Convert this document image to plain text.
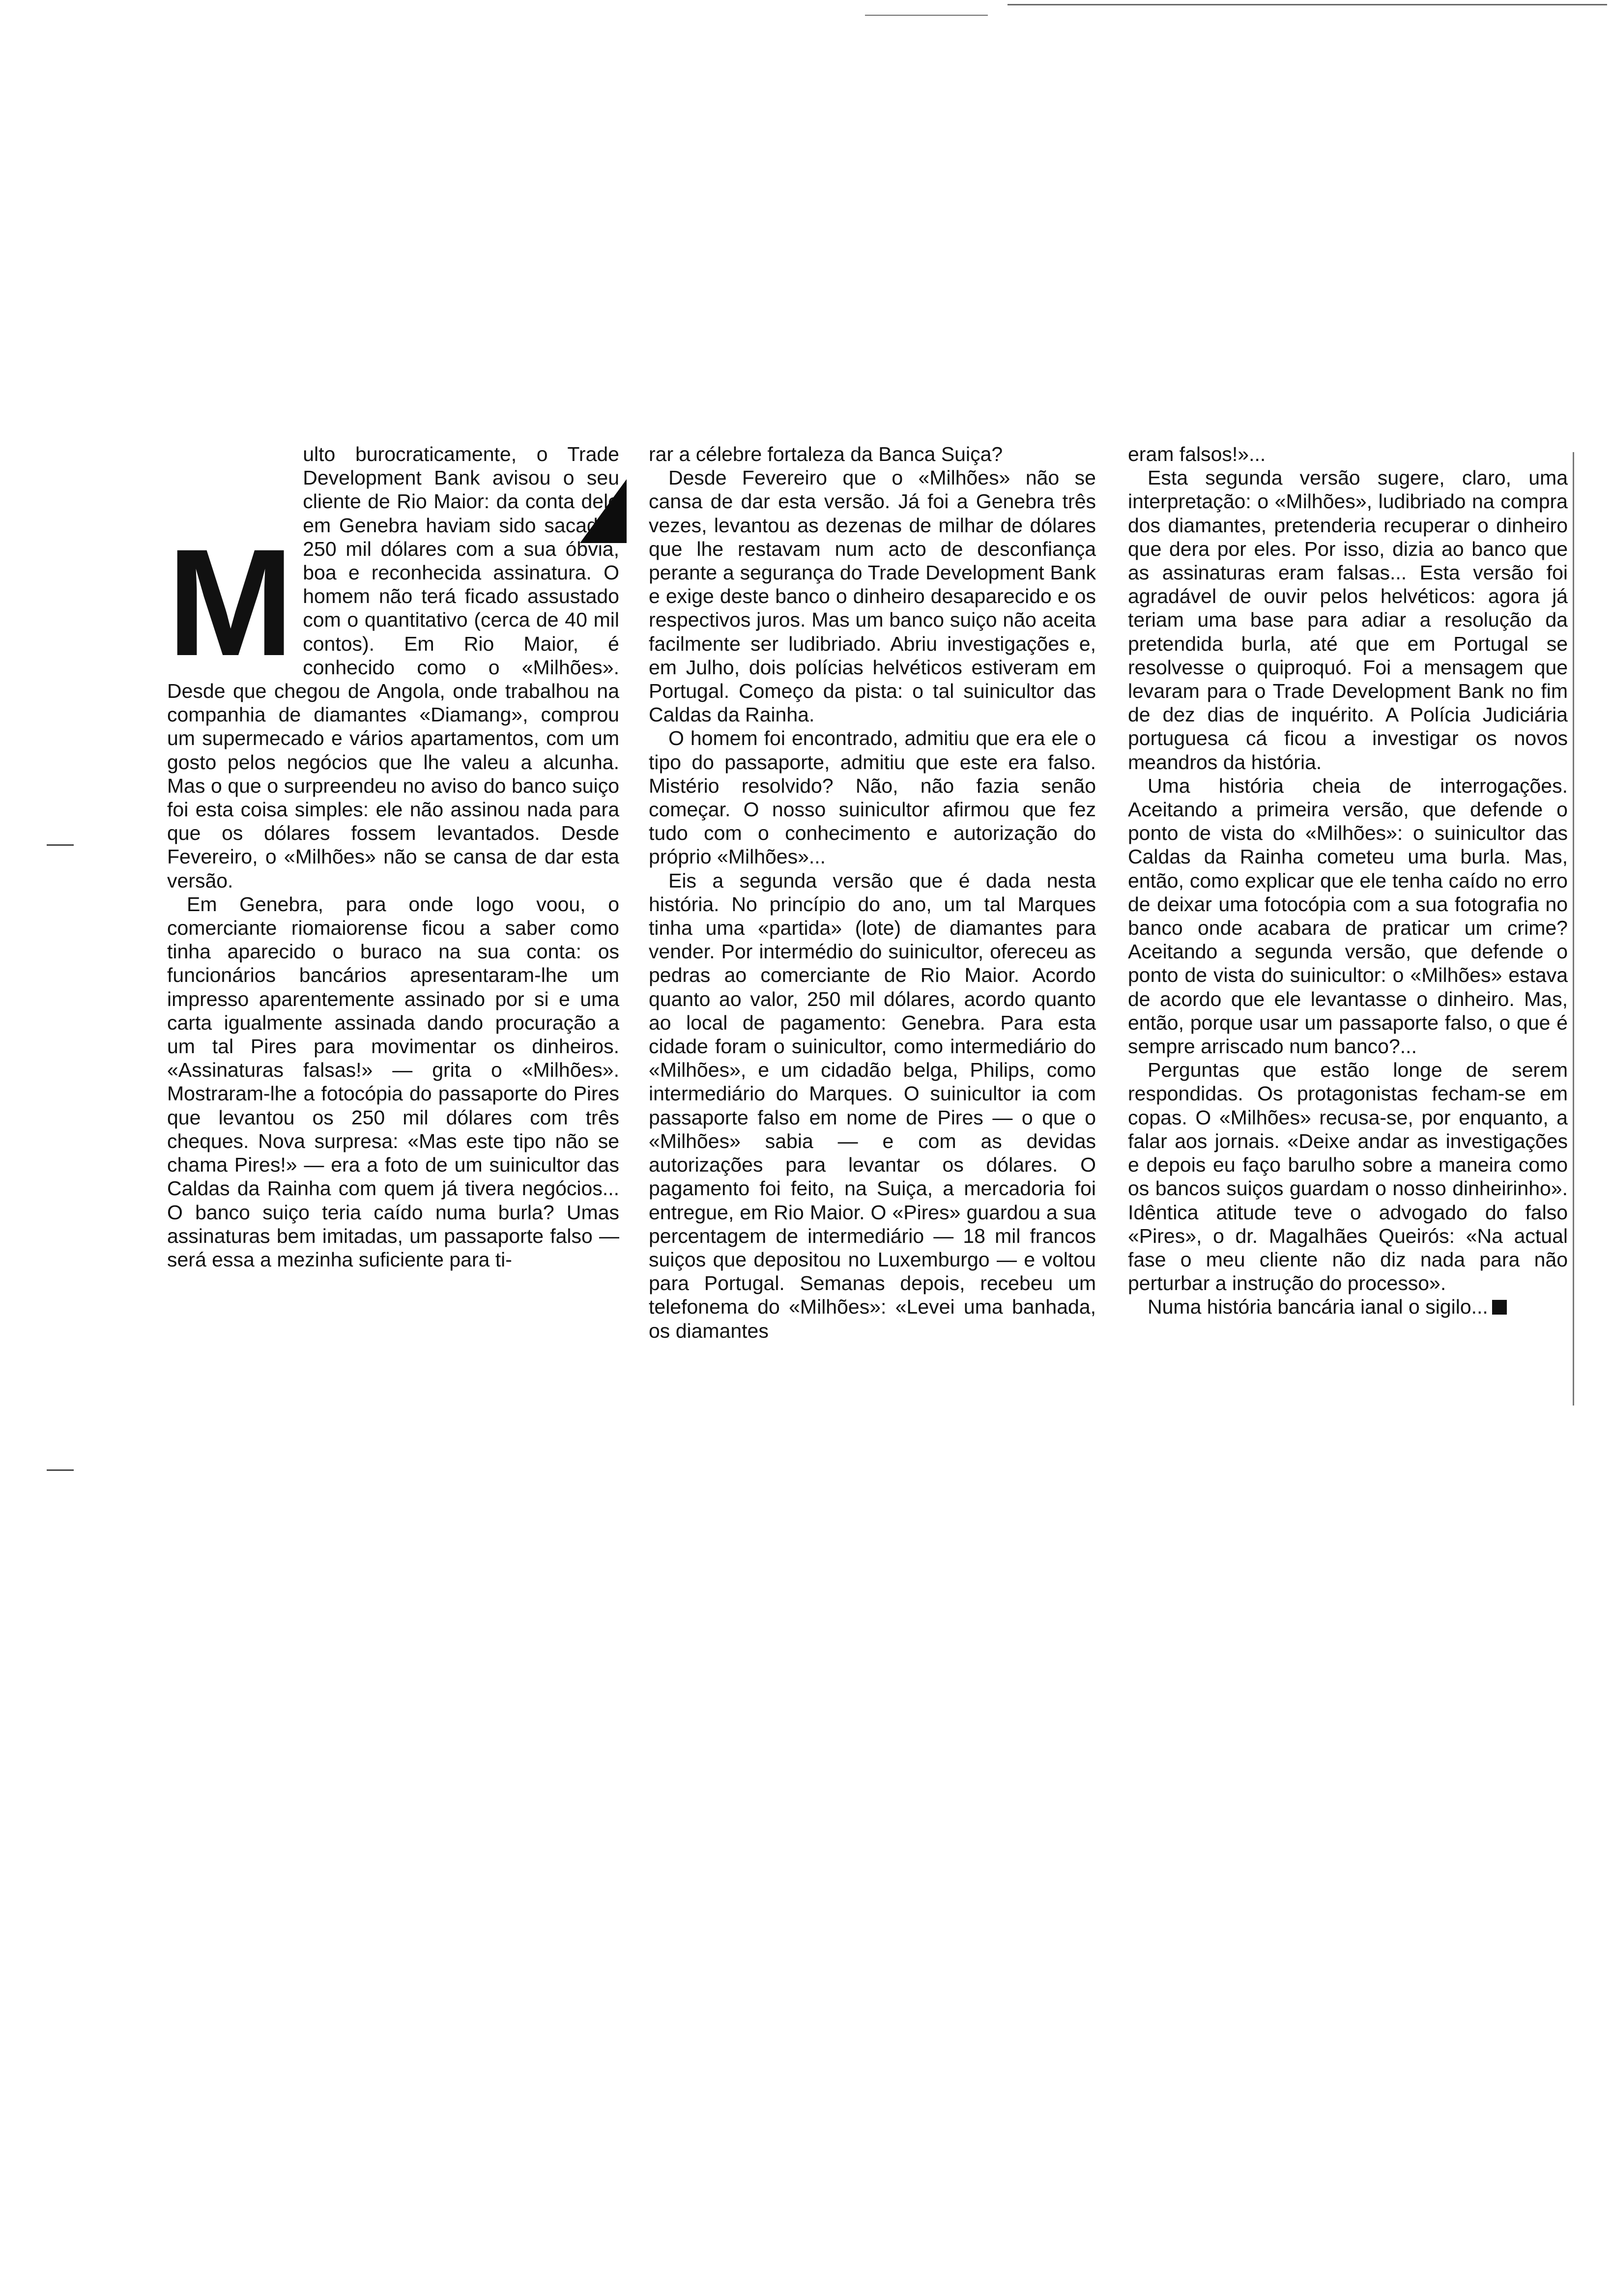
M
ulto burocraticamente, o Trade Development Bank avisou o seu cliente de Rio Maior: da conta dele em Genebra haviam sido sacados 250 mil dólares com a sua óbvia, boa e reconhecida assinatura. O homem não terá ficado assustado com o quantitativo (cerca de 40 mil contos). Em Rio Maior, é conhecido como o «Milhões». Desde que chegou de Angola, onde trabalhou na companhia de diamantes «Diamang», comprou um supermecado e vários apartamentos, com um gosto pelos negócios que lhe valeu a alcunha. Mas o que o surpreendeu no aviso do banco suiço foi esta coisa simples: ele não assinou nada para que os dólares fossem levantados. Desde Fevereiro, o «Milhões» não se cansa de dar esta versão.

Em Genebra, para onde logo voou, o comerciante riomaiorense ficou a saber como tinha aparecido o buraco na sua conta: os funcionários bancários apresentaram-lhe um impresso aparentemente assinado por si e uma carta igualmente assinada dando procuração a um tal Pires para movimentar os dinheiros. «Assinaturas falsas!» — grita o «Milhões». Mostraram-lhe a fotocópia do passaporte do Pires que levantou os 250 mil dólares com três cheques. Nova surpresa: «Mas este tipo não se chama Pires!» — era a foto de um suinicultor das Caldas da Rainha com quem já tivera negócios... O banco suiço teria caído numa burla? Umas assinaturas bem imitadas, um passaporte falso — será essa a mezinha suficiente para ti-

rar a célebre fortaleza da Banca Suiça?

Desde Fevereiro que o «Milhões» não se cansa de dar esta versão. Já foi a Genebra três vezes, levantou as dezenas de milhar de dólares que lhe restavam num acto de desconfiança perante a segurança do Trade Development Bank e exige deste banco o dinheiro desaparecido e os respectivos juros. Mas um banco suiço não aceita facilmente ser ludibriado. Abriu investigações e, em Julho, dois polícias helvéticos estiveram em Portugal. Começo da pista: o tal suinicultor das Caldas da Rainha.

O homem foi encontrado, admitiu que era ele o tipo do passaporte, admitiu que este era falso. Mistério resolvido? Não, não fazia senão começar. O nosso suinicultor afirmou que fez tudo com o conhecimento e autorização do próprio «Milhões»...

Eis a segunda versão que é dada nesta história. No princípio do ano, um tal Marques tinha uma «partida» (lote) de diamantes para vender. Por intermédio do suinicultor, ofereceu as pedras ao comerciante de Rio Maior. Acordo quanto ao valor, 250 mil dólares, acordo quanto ao local de pagamento: Genebra. Para esta cidade foram o suinicultor, como intermediário do «Milhões», e um cidadão belga, Philips, como intermediário do Marques. O suinicultor ia com passaporte falso em nome de Pires — o que o «Milhões» sabia — e com as devidas autorizações para levantar os dólares. O pagamento foi feito, na Suiça, a mercadoria foi entregue, em Rio Maior. O «Pires» guardou a sua percentagem de intermediário — 18 mil francos suiços que depositou no Luxemburgo — e voltou para Portugal. Semanas depois, recebeu um telefonema do «Milhões»: «Levei uma banhada, os diamantes

eram falsos!»...

Esta segunda versão sugere, claro, uma interpretação: o «Milhões», ludibriado na compra dos diamantes, pretenderia recuperar o dinheiro que dera por eles. Por isso, dizia ao banco que as assinaturas eram falsas... Esta versão foi agradável de ouvir pelos helvéticos: agora já teriam uma base para adiar a resolução da pretendida burla, até que em Portugal se resolvesse o quiproquó. Foi a mensagem que levaram para o Trade Development Bank no fim de dez dias de inquérito. A Polícia Judiciária portuguesa cá ficou a investigar os novos meandros da história.

Uma história cheia de interrogações. Aceitando a primeira versão, que defende o ponto de vista do «Milhões»: o suinicultor das Caldas da Rainha cometeu uma burla. Mas, então, como explicar que ele tenha caído no erro de deixar uma fotocópia com a sua fotografia no banco onde acabara de praticar um crime? Aceitando a segunda versão, que defende o ponto de vista do suinicultor: o «Milhões» estava de acordo que ele levantasse o dinheiro. Mas, então, porque usar um passaporte falso, o que é sempre arriscado num banco?...

Perguntas que estão longe de serem respondidas. Os protagonistas fecham-se em copas. O «Milhões» recusa-se, por enquanto, a falar aos jornais. «Deixe andar as investigações e depois eu faço barulho sobre a maneira como os bancos suiços guardam o nosso dinheirinho». Idêntica atitude teve o advogado do falso «Pires», o dr. Magalhães Queirós: «Na actual fase o meu cliente não diz nada para não perturbar a instrução do processo».

Numa história bancária ianal o sigilo...
